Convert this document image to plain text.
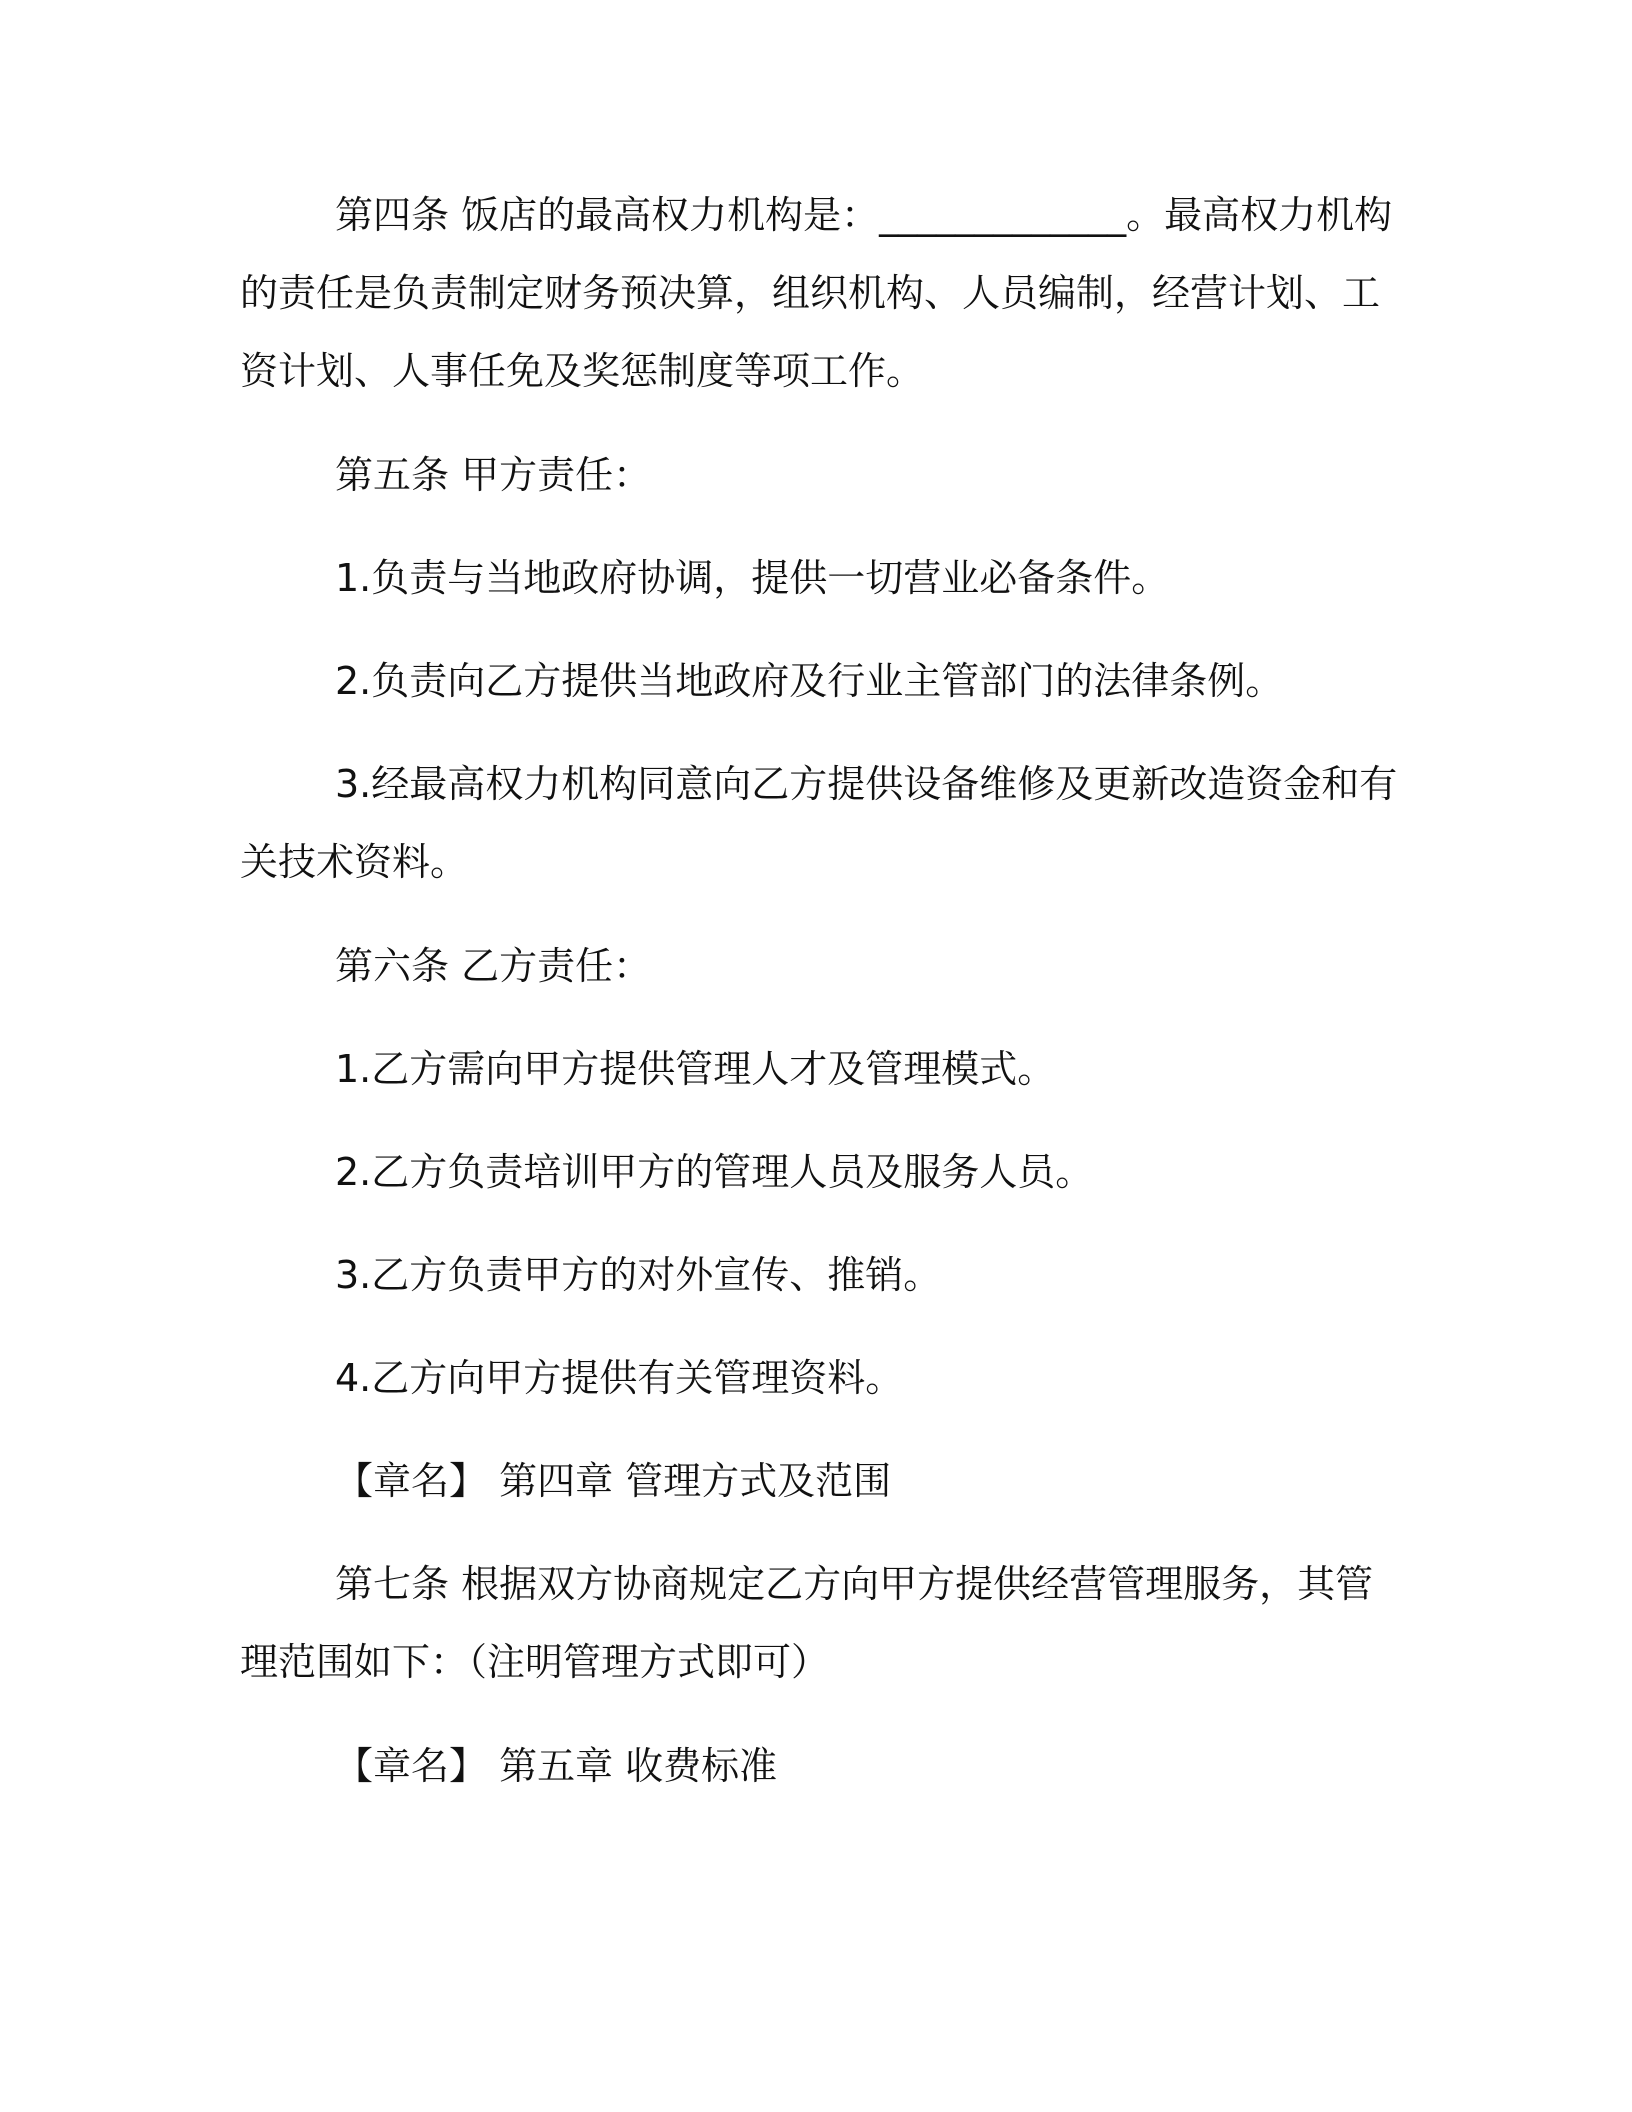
第四条 饭店的最高权力机构是：_____________。最高权力机构
的责任是负责制定财务预决算，组织机构、人员编制，经营计划、工
资计划、人事任免及奖惩制度等项工作。
第五条 甲方责任：
1.负责与当地政府协调，提供一切营业必备条件。
2.负责向乙方提供当地政府及行业主管部门的法律条例。
3.经最高权力机构同意向乙方提供设备维修及更新改造资金和有
关技术资料。
第六条 乙方责任：
1.乙方需向甲方提供管理人才及管理模式。
2.乙方负责培训甲方的管理人员及服务人员。
3.乙方负责甲方的对外宣传、推销。
4.乙方向甲方提供有关管理资料。
【章名】 第四章 管理方式及范围
第七条 根据双方协商规定乙方向甲方提供经营管理服务，其管
理范围如下：（注明管理方式即可）
【章名】 第五章 收费标准
